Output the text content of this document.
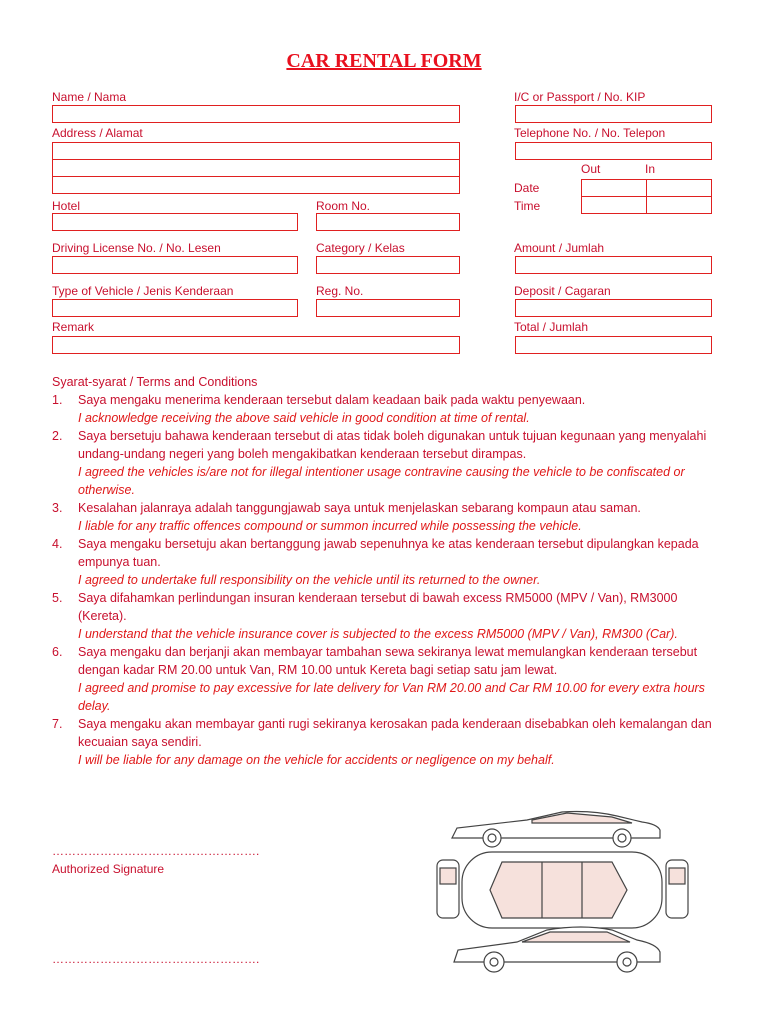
CAR RENTAL FORM
Name / Nama
Address / Alamat
Hotel	Room No.
Driving License No. / No. Lesen	Category / Kelas
Type of Vehicle / Jenis Kenderaan	Reg. No.
Remark
I/C or Passport / No. KIP
Telephone No. / No. Telepon
Out	In
Date
Time
Amount / Jumlah
Deposit / Cagaran
Total / Jumlah
Syarat-syarat / Terms and Conditions
1. Saya mengaku menerima kenderaan tersebut dalam keadaan baik pada waktu penyewaan.
I acknowledge receiving the above said vehicle in good condition at time of rental.
2. Saya bersetuju bahawa kenderaan tersebut di atas tidak boleh digunakan untuk tujuan kegunaan yang menyalahi undang-undang negeri yang boleh mengakibatkan kenderaan tersebut dirampas.
I agreed the vehicles is/are not for illegal intentioner usage contravine causing the vehicle to be confiscated or otherwise.
3. Kesalahan jalanraya adalah tanggungjawab saya untuk menjelaskan sebarang kompaun atau saman.
I liable for any traffic offences compound or summon incurred while possessing the vehicle.
4. Saya mengaku bersetuju akan bertanggung jawab sepenuhnya ke atas kenderaan tersebut dipulangkan kepada empunya tuan.
I agreed to undertake full responsibility on the vehicle until its returned to the owner.
5. Saya difahamkan perlindungan insuran kenderaan tersebut di bawah excess RM5000 (MPV / Van), RM3000 (Kereta).
I understand that the vehicle insurance cover is subjected to the excess RM5000 (MPV / Van), RM300 (Car).
6. Saya mengaku dan berjanji akan membayar tambahan sewa sekiranya lewat memulangkan kenderaan tersebut dengan kadar RM 20.00 untuk Van, RM 10.00 untuk Kereta bagi setiap satu jam lewat.
I agreed and promise to pay excessive for late delivery for Van RM 20.00 and Car RM 10.00 for every extra hours delay.
7. Saya mengaku akan membayar ganti rugi sekiranya kerosakan pada kenderaan disebabkan oleh kemalangan dan kecuaian saya sendiri.
I will be liable for any damage on the vehicle for accidents or negligence on my behalf.
…………………………………………….
Authorized Signature
…………………………………………….
